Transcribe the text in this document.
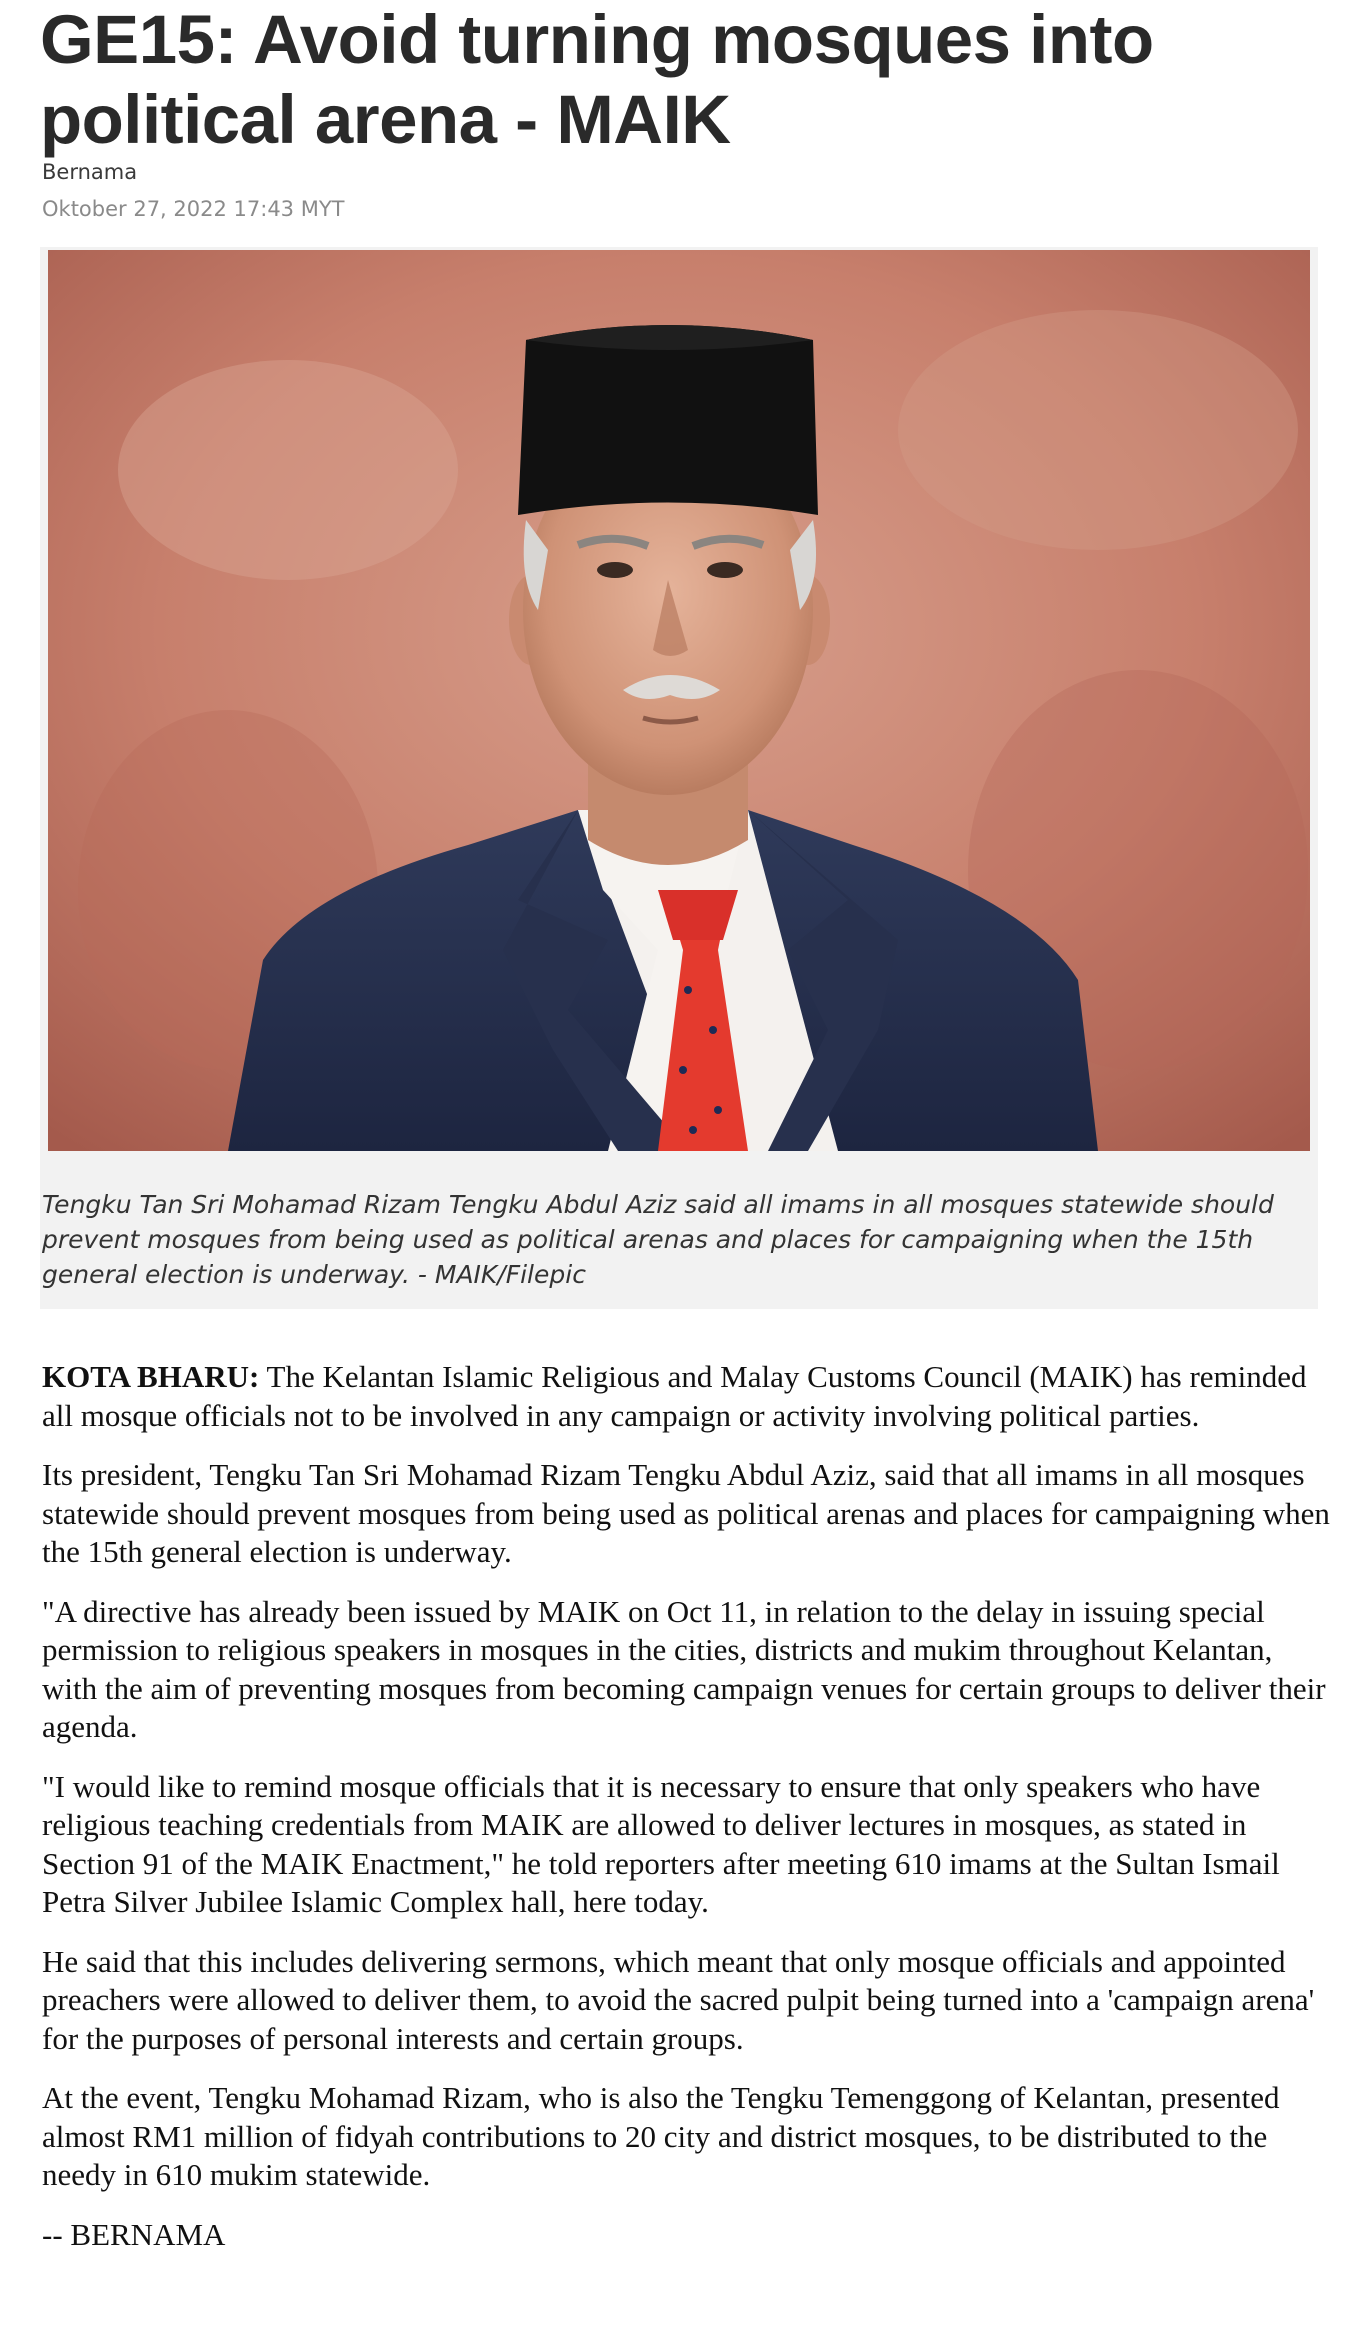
GE15: Avoid turning mosques into political arena - MAIK
Bernama
Oktober 27, 2022 17:43 MYT
Tengku Tan Sri Mohamad Rizam Tengku Abdul Aziz said all imams in all mosques statewide should prevent mosques from being used as political arenas and places for campaigning when the 15th general election is underway. - MAIK/Filepic

KOTA BHARU: The Kelantan Islamic Religious and Malay Customs Council (MAIK) has reminded all mosque officials not to be involved in any campaign or activity involving political parties.

Its president, Tengku Tan Sri Mohamad Rizam Tengku Abdul Aziz, said that all imams in all mosques statewide should prevent mosques from being used as political arenas and places for campaigning when the 15th general election is underway.

"A directive has already been issued by MAIK on Oct 11, in relation to the delay in issuing special permission to religious speakers in mosques in the cities, districts and mukim throughout Kelantan, with the aim of preventing mosques from becoming campaign venues for certain groups to deliver their agenda.

"I would like to remind mosque officials that it is necessary to ensure that only speakers who have religious teaching credentials from MAIK are allowed to deliver lectures in mosques, as stated in Section 91 of the MAIK Enactment," he told reporters after meeting 610 imams at the Sultan Ismail Petra Silver Jubilee Islamic Complex hall, here today.

He said that this includes delivering sermons, which meant that only mosque officials and appointed preachers were allowed to deliver them, to avoid the sacred pulpit being turned into a 'campaign arena' for the purposes of personal interests and certain groups.

At the event, Tengku Mohamad Rizam, who is also the Tengku Temenggong of Kelantan, presented almost RM1 million of fidyah contributions to 20 city and district mosques, to be distributed to the needy in 610 mukim statewide.

-- BERNAMA
